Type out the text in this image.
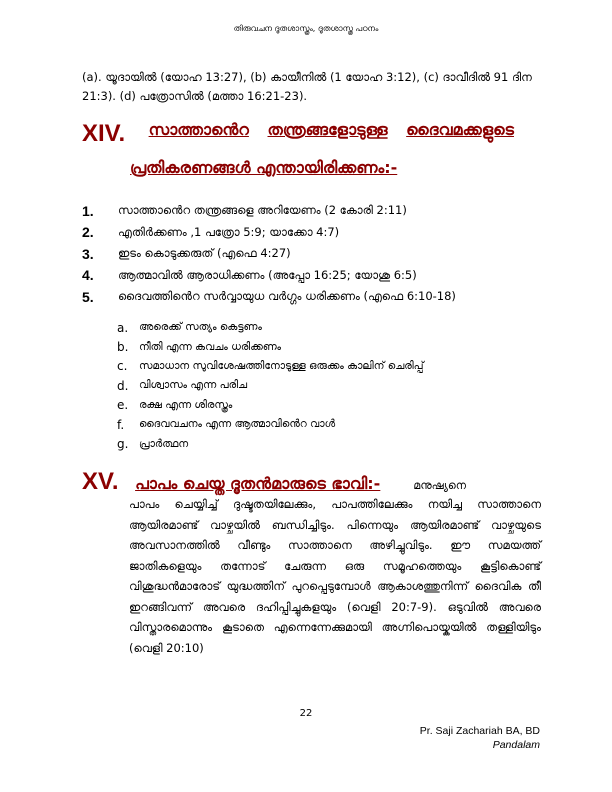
തിരുവചന ദൂതശാസ്ത്രം, ദൂതശാസ്ത്ര പഠനം
(a). യൂദായിൽ (യോഹ 13:27), (b) കായീനിൽ (1 യോഹ 3:12), (c) ദാവീദിൽ 91 ദിന 21:3). (d) പത്രോസിൽ (മത്താ 16:21-23).
XIV.	സാത്താൻെറ തന്ത്രങ്ങളോടുള്ള ദൈവമക്കളുടെ
പ്രതികരണങ്ങൾ എന്തായിരിക്കണം:-
1.	സാത്താൻെറ തന്ത്രങ്ങളെ അറിയേണം (2 കോരി 2:11)
2.	എതിർക്കണം ,1 പത്രോ 5:9; യാക്കോ 4:7)
3.	ഇടം കൊടുക്കരുത് (എഫെ 4:27)
4.	ആത്മാവിൽ ആരാധിക്കണം (അപ്പോ 16:25; യോശു 6:5)
5.	ദൈവത്തിൻെറ സർവ്വായുധ വർഗ്ഗം ധരിക്കണം (എഫെ 6:10-18)
a.	അരെക്ക് സത്യം കെട്ടണം
b.	നീതി എന്ന കവചം ധരിക്കണം
c.	സമാധാന സുവിശേഷത്തിനോടുള്ള ഒരുക്കം കാലിന് ചെരിപ്പ്
d.	വിശ്വാസം എന്ന പരിച
e.	രക്ഷ എന്ന ശിരസ്ത്രം
f.	ദൈവവചനം എന്ന ആത്മാവിൻെറ വാൾ
g.	പ്രാർത്ഥന
XV. പാപം ചെയ്ത ദൂതൻമാരുടെ ഭാവി:-	മനുഷ്യനെ
പാപം ചെയ്യിച്ച് ദുഷ്ടതയിലേക്കും, പാപത്തിലേക്കും നയിച്ച സാത്താനെ ആയിരമാണ്ട് വാഴ്ചയിൽ ബന്ധിച്ചിടും. പിന്നെയും ആയിരമാണ്ട് വാഴ്ചയുടെ അവസാനത്തിൽ വീണ്ടും സാത്താനെ അഴിച്ചുവിടും. ഈ സമയത്ത് ജാതികളെയും തന്നോട് ചേരുന്ന ഒരു സമൂഹത്തെയും കൂട്ടികൊണ്ട് വിശുദ്ധൻമാരോട് യുദ്ധത്തിന് പുറപ്പെടുമ്പോൾ ആകാശത്തുനിന്ന് ദൈവിക തീ ഇറങ്ങിവന്ന് അവരെ ദഹിപ്പിച്ചുകളയും (വെളി 20:7-9). ഒടുവിൽ അവരെ വിസ്താരമൊന്നും കൂടാതെ എന്നെന്നേക്കുമായി അഗ്നിപൊയ്കയിൽ തള്ളിയിടും (വെളി 20:10)
22
Pr. Saji Zachariah BA, BD
Pandalam
